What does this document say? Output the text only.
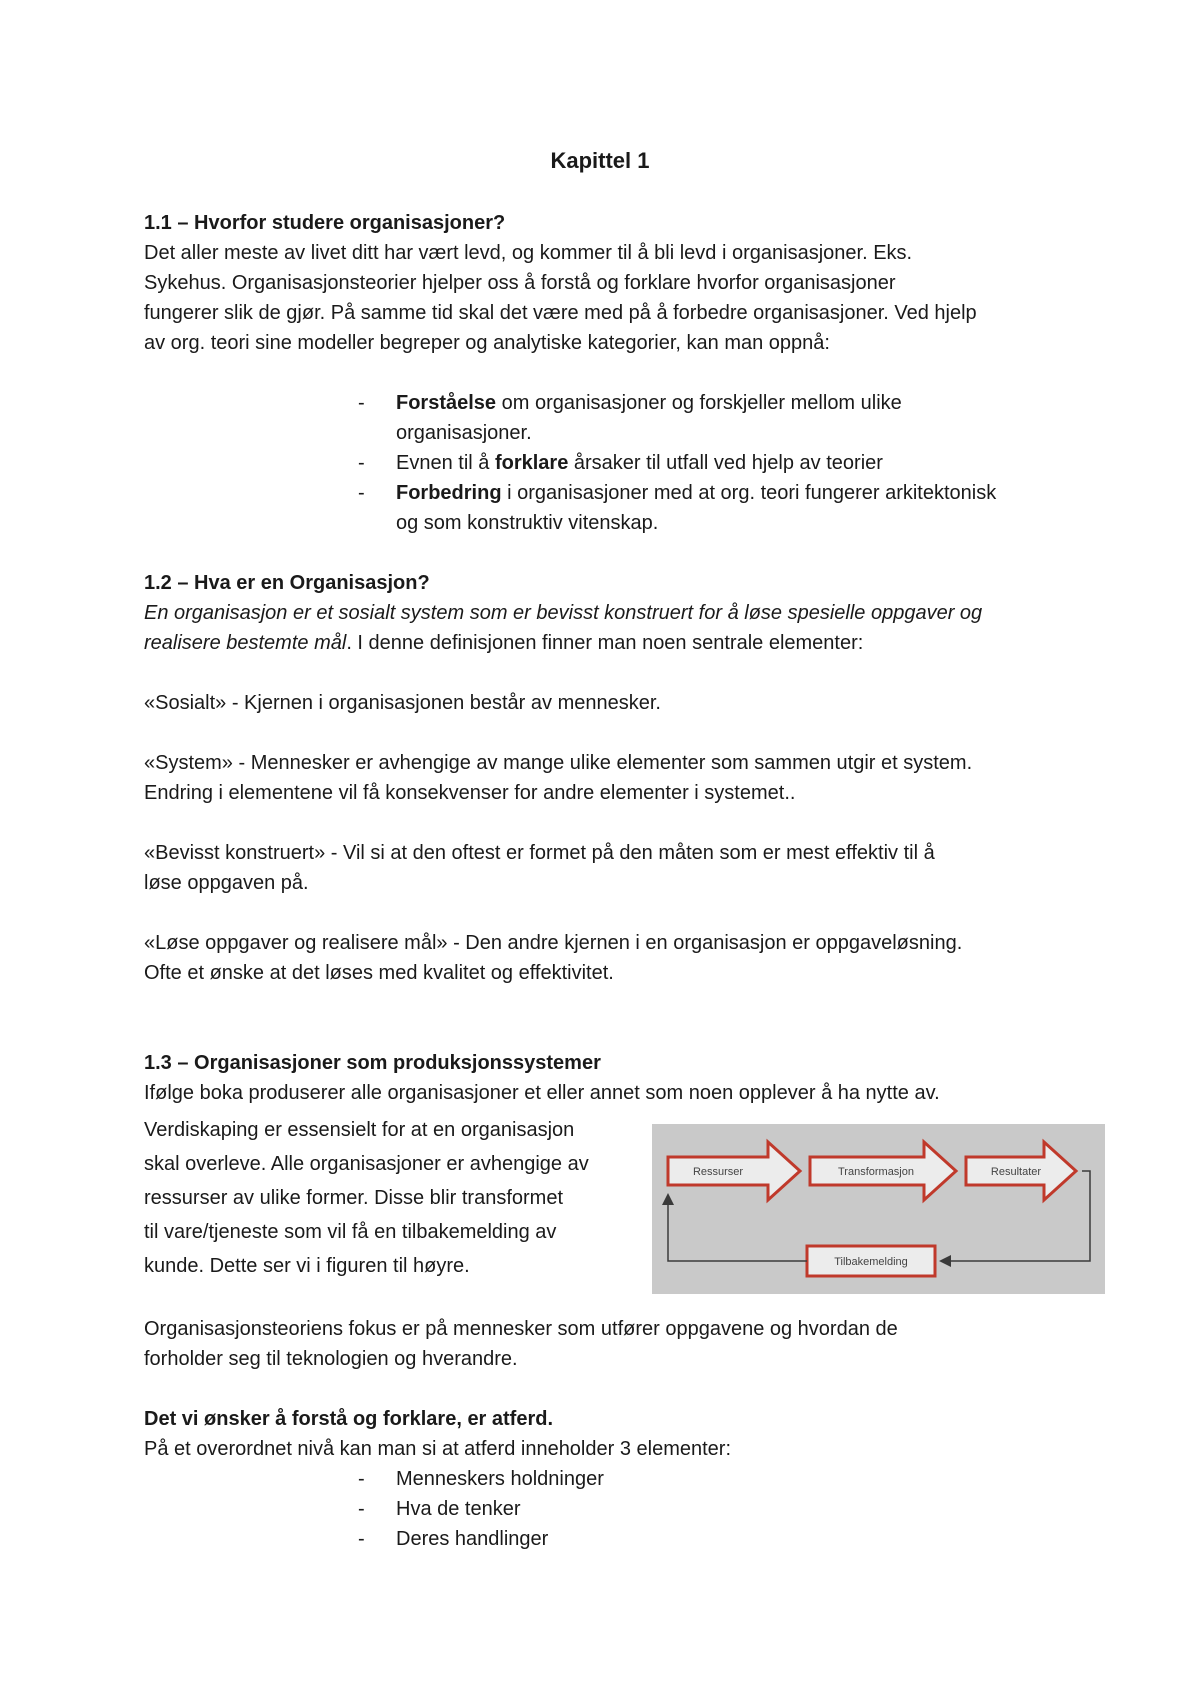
Kapittel 1
1.1 – Hvorfor studere organisasjoner?
Det aller meste av livet ditt har vært levd, og kommer til å bli levd i organisasjoner. Eks.
Sykehus. Organisasjonsteorier hjelper oss å forstå og forklare hvorfor organisasjoner
fungerer slik de gjør. På samme tid skal det være med på å forbedre organisasjoner. Ved hjelp
av org. teori sine modeller begreper og analytiske kategorier, kan man oppnå:
- Forståelse om organisasjoner og forskjeller mellom ulike
organisasjoner.
- Evnen til å forklare årsaker til utfall ved hjelp av teorier
- Forbedring i organisasjoner med at org. teori fungerer arkitektonisk
og som konstruktiv vitenskap.
1.2 – Hva er en Organisasjon?
En organisasjon er et sosialt system som er bevisst konstruert for å løse spesielle oppgaver og
realisere bestemte mål. I denne definisjonen finner man noen sentrale elementer:
«Sosialt» - Kjernen i organisasjonen består av mennesker.
«System» - Mennesker er avhengige av mange ulike elementer som sammen utgir et system.
Endring i elementene vil få konsekvenser for andre elementer i systemet..
«Bevisst konstruert» - Vil si at den oftest er formet på den måten som er mest effektiv til å
løse oppgaven på.
«Løse oppgaver og realisere mål» - Den andre kjernen i en organisasjon er oppgaveløsning.
Ofte et ønske at det løses med kvalitet og effektivitet.
1.3 – Organisasjoner som produksjonssystemer
Ifølge boka produserer alle organisasjoner et eller annet som noen opplever å ha nytte av.
Verdiskaping er essensielt for at en organisasjon
skal overleve. Alle organisasjoner er avhengige av
ressurser av ulike former. Disse blir transformet
til vare/tjeneste som vil få en tilbakemelding av
kunde. Dette ser vi i figuren til høyre.
Ressurser	Transformasjon	Resultater
Tilbakemelding
Organisasjonsteoriens fokus er på mennesker som utfører oppgavene og hvordan de
forholder seg til teknologien og hverandre.
Det vi ønsker å forstå og forklare, er atferd.
På et overordnet nivå kan man si at atferd inneholder 3 elementer:
- Menneskers holdninger
- Hva de tenker
- Deres handlinger
